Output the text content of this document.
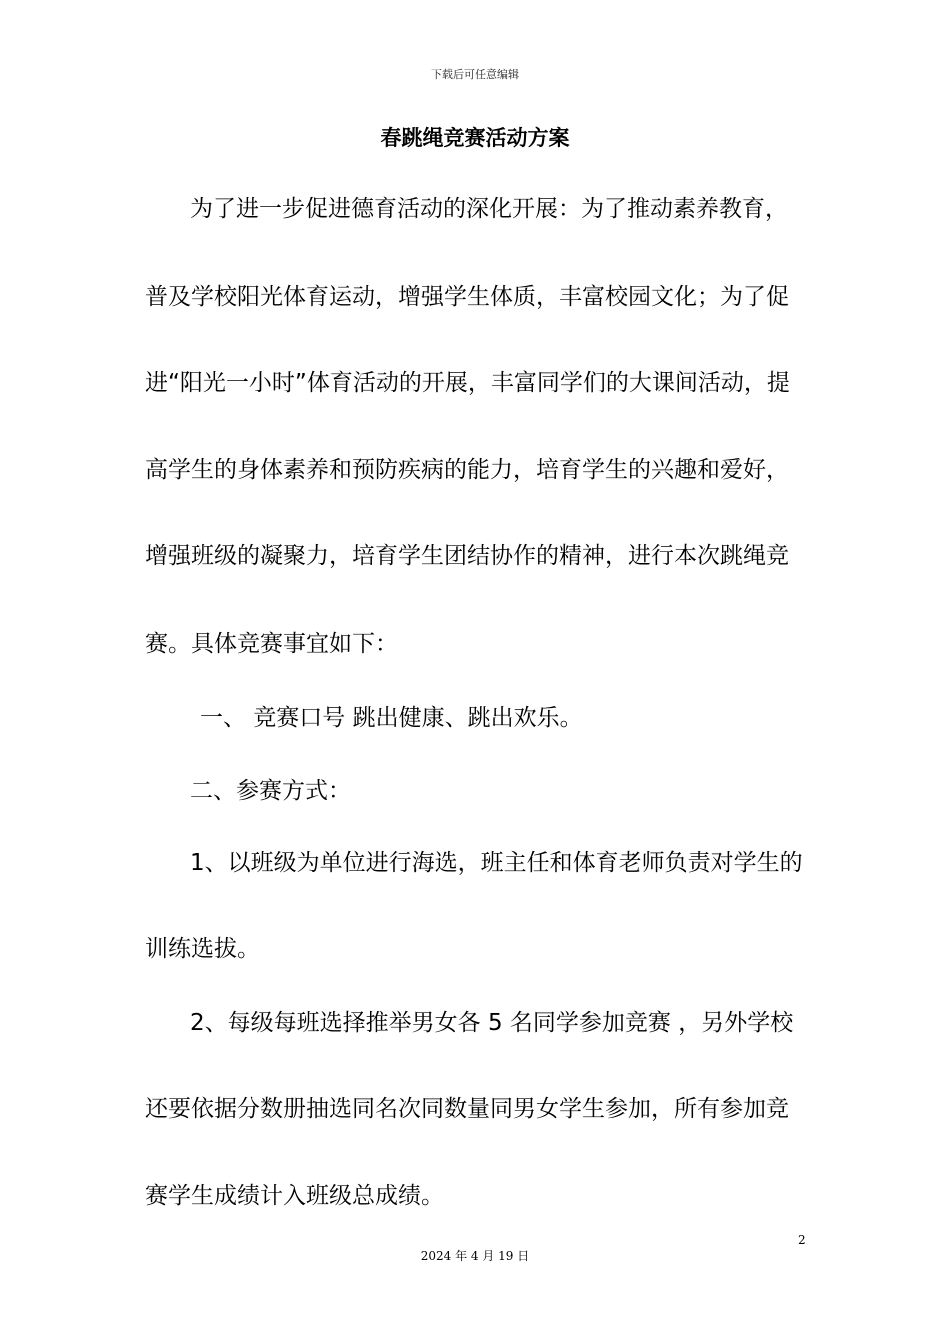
下载后可任意编辑
春跳绳竞赛活动方案
为了进一步促进德育活动的深化开展：为了推动素养教育，
普及学校阳光体育运动，增强学生体质，丰富校园文化；为了促
进“阳光一小时”体育活动的开展，丰富同学们的大课间活动，提
高学生的身体素养和预防疾病的能力，培育学生的兴趣和爱好，
增强班级的凝聚力，培育学生团结协作的精神，进行本次跳绳竞
赛。具体竞赛事宜如下：
一、 竞赛口号 跳出健康、跳出欢乐。
二、参赛方式：
1、以班级为单位进行海选，班主任和体育老师负责对学生的
训练选拔。
2、每级每班选择推举男女各 5 名同学参加竞赛 ，另外学校
还要依据分数册抽选同名次同数量同男女学生参加，所有参加竞
赛学生成绩计入班级总成绩。
2
2024 年 4 月 19 日
